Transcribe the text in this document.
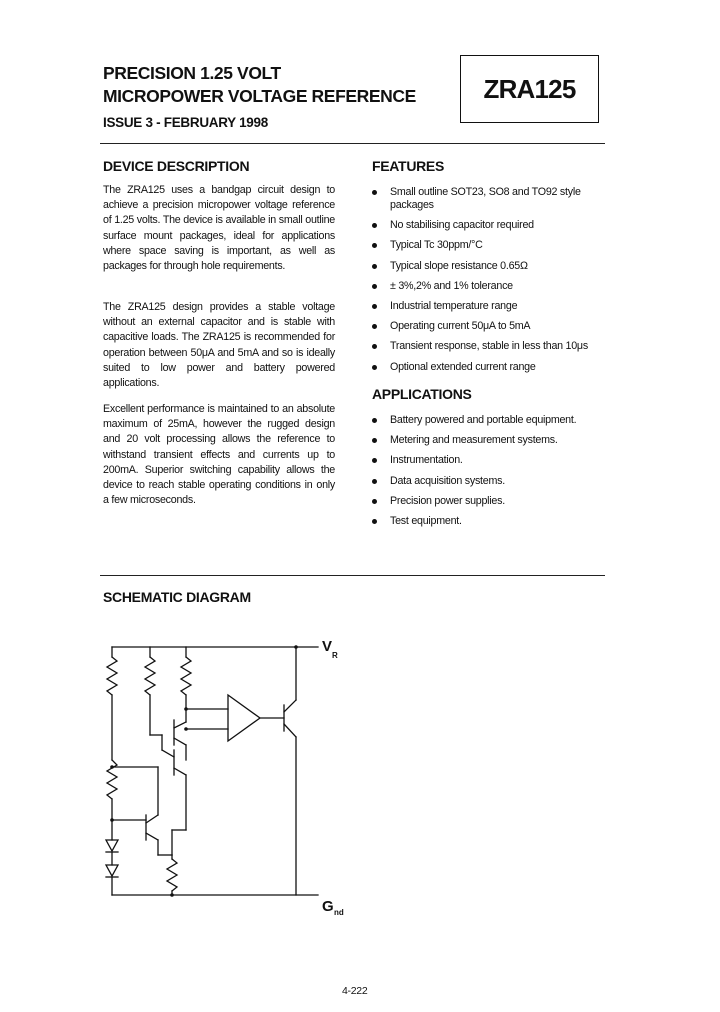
PRECISION 1.25 VOLT

MICROPOWER VOLTAGE REFERENCE

ISSUE 3 - FEBRUARY 1998

ZRA125

DEVICE DESCRIPTION

The ZRA125 uses a bandgap circuit design to achieve a precision micropower voltage reference of 1.25 volts. The device is available in small outline surface mount packages, ideal for applications where space saving is important, as well as packages for through hole requirements.

The ZRA125 design provides a stable voltage without an external capacitor and is stable with capacitive loads. The ZRA125 is recommended for operation between 50μA and 5mA and so is ideally suited to low power and battery powered applications.

Excellent performance is maintained to an absolute maximum of 25mA, however the rugged design and 20 volt processing allows the reference to withstand transient effects and currents up to 200mA. Superior switching capability allows the device to reach stable operating conditions in only a few microseconds.

FEATURES

Small outline SOT23, SO8 and TO92 style packages
No stabilising capacitor required
Typical Tc 30ppm/°C
Typical slope resistance 0.65Ω
± 3%,2% and 1% tolerance
Industrial temperature range
Operating current 50μA to 5mA
Transient response, stable in less than 10μs
Optional extended current range

APPLICATIONS

Battery powered and portable equipment.
Metering and measurement systems.
Instrumentation.
Data acquisition systems.
Precision power supplies.
Test equipment.

SCHEMATIC DIAGRAM

V
R
G nd

4-222
